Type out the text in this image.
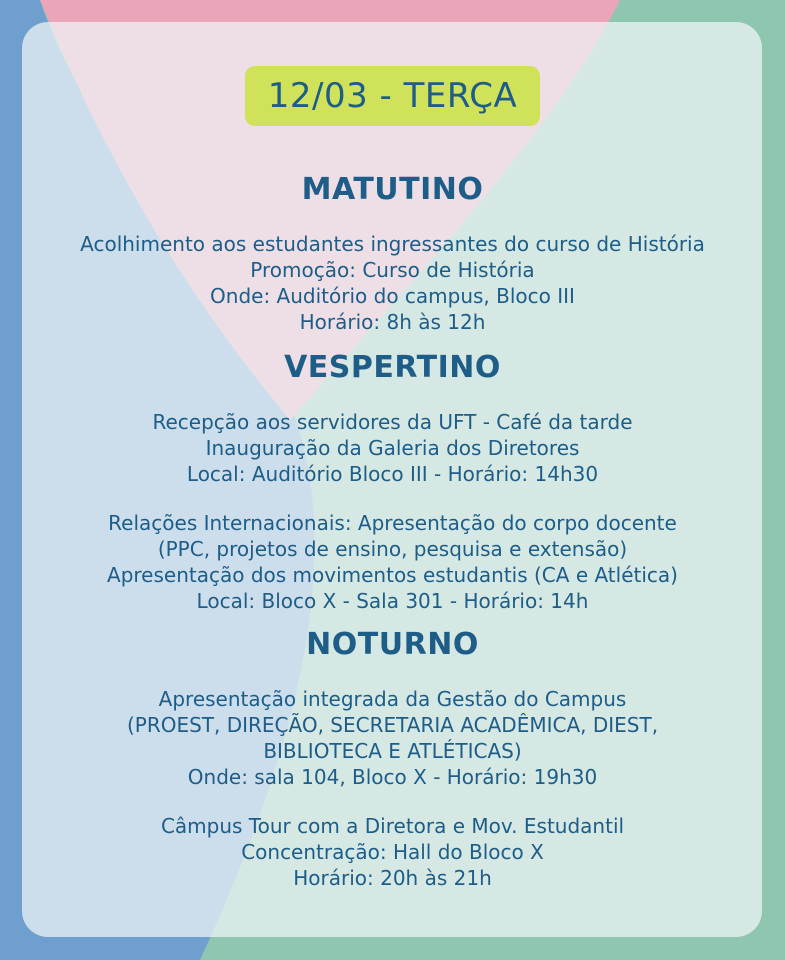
12/03 - TERÇA
MATUTINO
Acolhimento aos estudantes ingressantes do curso de História
Promoção: Curso de História
Onde: Auditório do campus, Bloco III
Horário: 8h às 12h
VESPERTINO
Recepção aos servidores da UFT - Café da tarde
Inauguração da Galeria dos Diretores
Local: Auditório Bloco III - Horário: 14h30
Relações Internacionais: Apresentação do corpo docente
(PPC, projetos de ensino, pesquisa e extensão)
Apresentação dos movimentos estudantis (CA e Atlética)
Local: Bloco X - Sala 301 - Horário: 14h
NOTURNO
Apresentação integrada da Gestão do Campus
(PROEST, DIREÇÃO, SECRETARIA ACADÊMICA, DIEST,
BIBLIOTECA E ATLÉTICAS)
Onde: sala 104, Bloco X - Horário: 19h30
Câmpus Tour com a Diretora e Mov. Estudantil
Concentração: Hall do Bloco X
Horário: 20h às 21h
